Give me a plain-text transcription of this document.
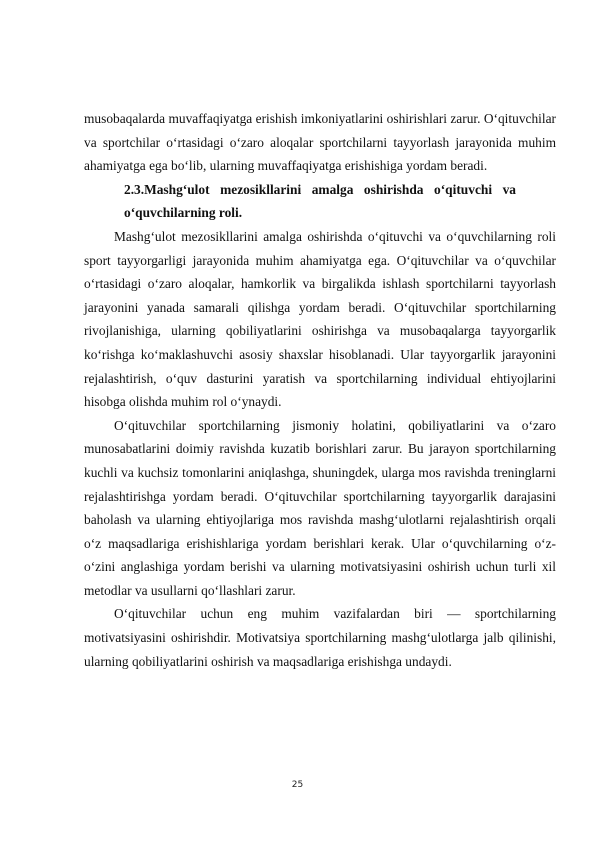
musobaqalarda muvaffaqiyatga erishish imkoniyatlarini oshirishlari zarur. O‘qituvchilar va sportchilar o‘rtasidagi o‘zaro aloqalar sportchilarni tayyorlash jarayonida muhim ahamiyatga ega bo‘lib, ularning muvaffaqiyatga erishishiga yordam beradi.

2.3.Mashg‘ulot mezosikllarini amalga oshirishda o‘qituvchi va o‘quvchilarning roli.

Mashg‘ulot mezosikllarini amalga oshirishda o‘qituvchi va o‘quvchilarning roli sport tayyorgarligi jarayonida muhim ahamiyatga ega. O‘qituvchilar va o‘quvchilar o‘rtasidagi o‘zaro aloqalar, hamkorlik va birgalikda ishlash sportchilarni tayyorlash jarayonini yanada samarali qilishga yordam beradi. O‘qituvchilar sportchilarning rivojlanishiga, ularning qobiliyatlarini oshirishga va musobaqalarga tayyorgarlik ko‘rishga ko‘maklashuvchi asosiy shaxslar hisoblanadi. Ular tayyorgarlik jarayonini rejalashtirish, o‘quv dasturini yaratish va sportchilarning individual ehtiyojlarini hisobga olishda muhim rol o‘ynaydi.

O‘qituvchilar sportchilarning jismoniy holatini, qobiliyatlarini va o‘zaro munosabatlarini doimiy ravishda kuzatib borishlari zarur. Bu jarayon sportchilarning kuchli va kuchsiz tomonlarini aniqlashga, shuningdek, ularga mos ravishda treninglarni rejalashtirishga yordam beradi. O‘qituvchilar sportchilarning tayyorgarlik darajasini baholash va ularning ehtiyojlariga mos ravishda mashg‘ulotlarni rejalashtirish orqali o‘z maqsadlariga erishishlariga yordam berishlari kerak. Ular o‘quvchilarning o‘z-o‘zini anglashiga yordam berishi va ularning motivatsiyasini oshirish uchun turli xil metodlar va usullarni qo‘llashlari zarur.

O‘qituvchilar uchun eng muhim vazifalardan biri — sportchilarning motivatsiyasini oshirishdir. Motivatsiya sportchilarning mashg‘ulotlarga jalb qilinishi, ularning qobiliyatlarini oshirish va maqsadlariga erishishga undaydi.

25
